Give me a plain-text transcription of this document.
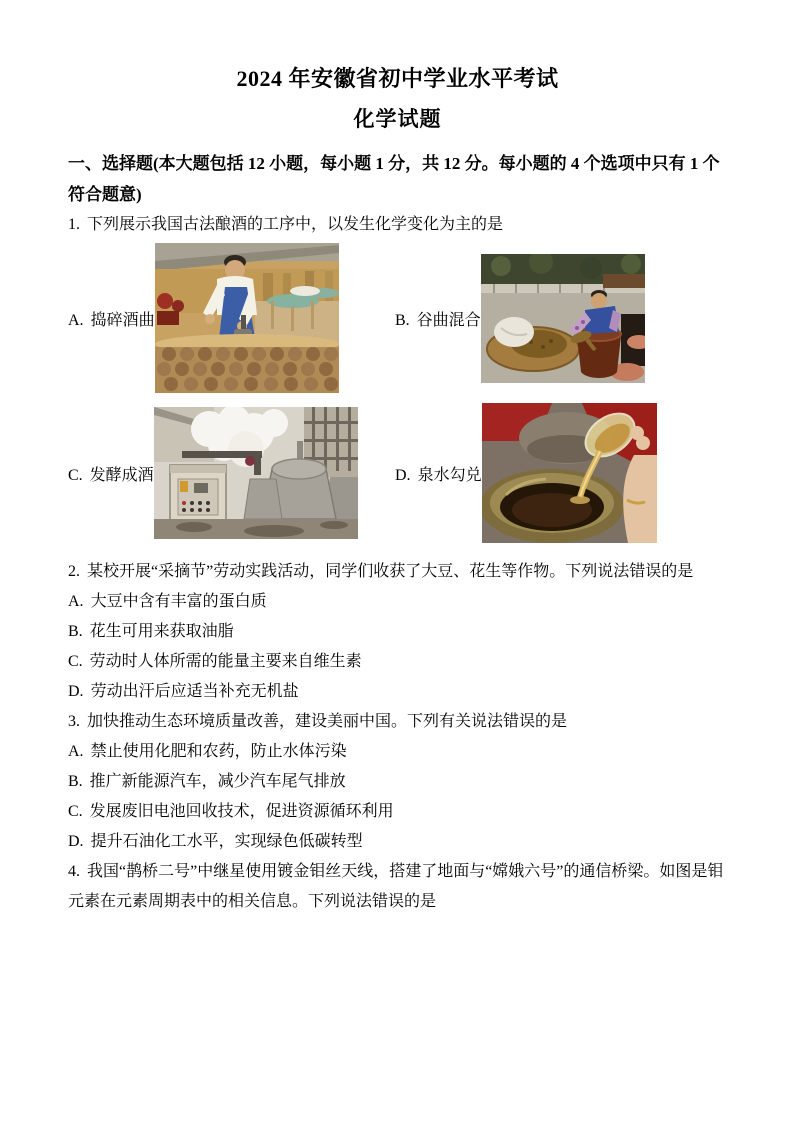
2024 年安徽省初中学业水平考试
化学试题

一、选择题(本大题包括 12 小题，每小题 1 分，共 12 分。每小题的 4 个选项中只有 1 个符合题意)

1. 下列展示我国古法酿酒的工序中，以发生化学变化为主的是

A. 捣碎酒曲	B. 谷曲混合

C. 发酵成酒	D. 泉水勾兑

2. 某校开展“采摘节”劳动实践活动，同学们收获了大豆、花生等作物。下列说法错误的是

A. 大豆中含有丰富的蛋白质

B. 花生可用来获取油脂

C. 劳动时人体所需的能量主要来自维生素

D. 劳动出汗后应适当补充无机盐

3. 加快推动生态环境质量改善，建设美丽中国。下列有关说法错误的是

A. 禁止使用化肥和农药，防止水体污染

B. 推广新能源汽车，减少汽车尾气排放

C. 发展废旧电池回收技术，促进资源循环利用

D. 提升石油化工水平，实现绿色低碳转型

4. 我国“鹊桥二号”中继星使用镀金钼丝天线，搭建了地面与“嫦娥六号”的通信桥梁。如图是钼元素在元素周期表中的相关信息。下列说法错误的是
